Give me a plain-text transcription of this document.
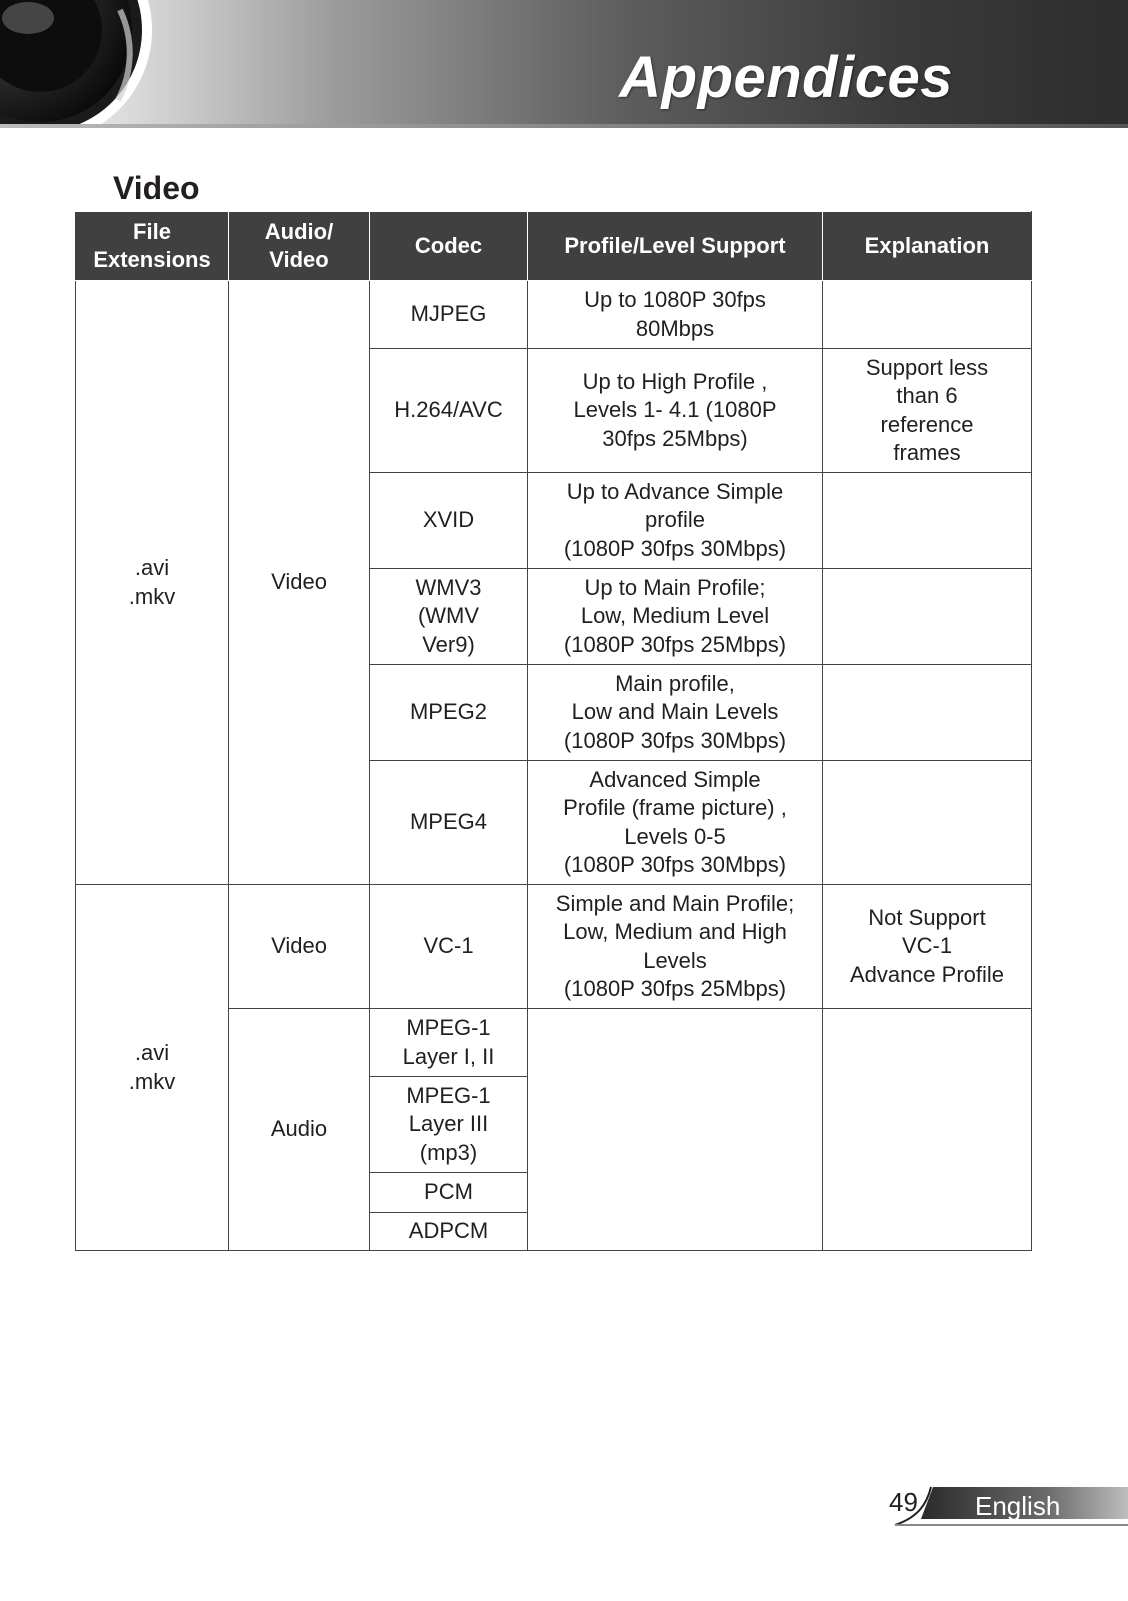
Appendices
Video
File
Extensions	Audio/
Video	Codec	Profile/Level Support	Explanation

.avi
.mkv	Video	MJPEG	Up to 1080P 30fps
80Mbps	

		H.264/AVC	Up to High Profile ,
Levels 1- 4.1 (1080P
30fps 25Mbps)	Support less
than 6
reference
frames

		XVID	Up to Advance Simple
profile
(1080P 30fps 30Mbps)	

		WMV3
(WMV
Ver9)	Up to Main Profile;
Low, Medium Level
(1080P 30fps 25Mbps)	

		MPEG2	Main profile,
Low and Main Levels
(1080P 30fps 30Mbps)	

		MPEG4	Advanced Simple
Profile (frame picture) ,
Levels 0-5
(1080P 30fps 30Mbps)	

.avi
.mkv	Video	VC-1	Simple and Main Profile;
Low, Medium and High
Levels
(1080P 30fps 25Mbps)	Not Support
VC-1
Advance Profile

	Audio	MPEG-1
Layer I, II		

		MPEG-1
Layer III
(mp3)		

		PCM		

		ADPCM		
49 English
